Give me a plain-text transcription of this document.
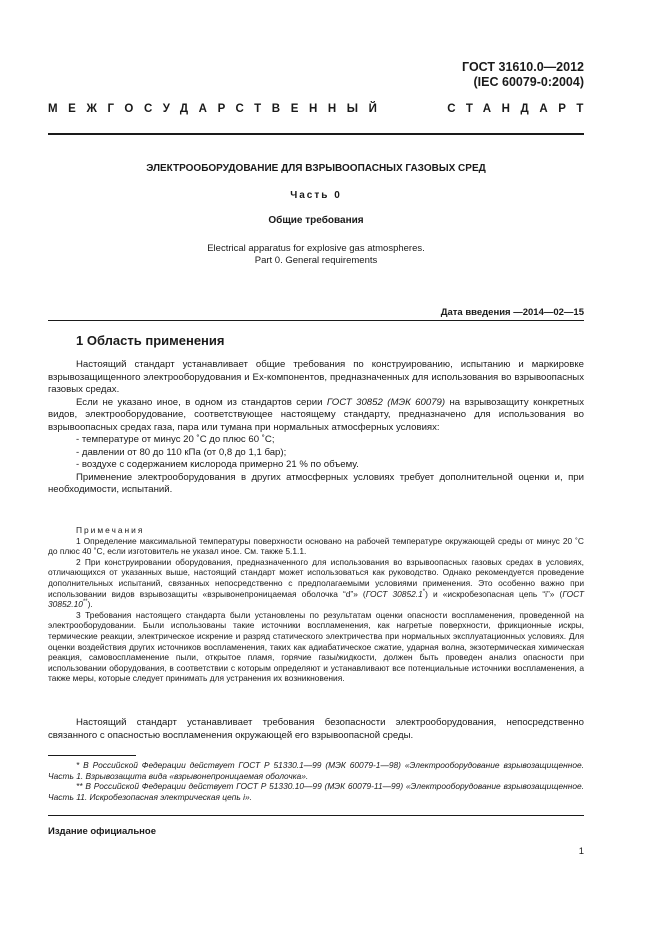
ГОСТ 31610.0—2012
(IEC 60079-0:2004)
МЕЖГОСУДАРСТВЕННЫЙ	СТАНДАРТ
ЭЛЕКТРООБОРУДОВАНИЕ ДЛЯ ВЗРЫВООПАСНЫХ ГАЗОВЫХ СРЕД
Часть 0
Общие требования
Electrical apparatus for explosive gas atmospheres.
Part 0. General requirements
Дата введения —2014—02—15
1 Область применения

Настоящий стандарт устанавливает общие требования по конструированию, испытанию и маркировке взрывозащищенного электрооборудования и Ex-компонентов, предназначенных для использования во взрывоопасных газовых средах.

Если не указано иное, в одном из стандартов серии ГОСТ 30852 (МЭК 60079) на взрывозащиту конкретных видов, электрооборудование, соответствующее настоящему стандарту, предназначено для использования во взрывоопасных средах газа, пара или тумана при нормальных атмосферных условиях:

- температуре от минус 20 ˚С до плюс 60 ˚С;

- давлении от 80 до 110 кПа (от 0,8 до 1,1 бар);

- воздухе с содержанием кислорода примерно 21 % по объему.

Применение электрооборудования в других атмосферных условиях требует дополнительной оценки и, при необходимости, испытаний.

Примечания

1 Определение максимальной температуры поверхности основано на рабочей температуре окружающей среды от минус 20 ˚С до плюс 40 ˚С, если изготовитель не указал иное. См. также 5.1.1.

2 При конструировании оборудования, предназначенного для использования во взрывоопасных газовых средах в условиях, отличающихся от указанных выше, настоящий стандарт может использоваться как руководство. Однако рекомендуется проведение дополнительных испытаний, связанных непосредственно с предполагаемыми условиями применения. Это особенно важно при использовании видов взрывозащиты «взрывонепроницаемая оболочка “d”» (ГОСТ 30852.1*) и «искробезопасная цепь “i”» (ГОСТ 30852.10**).

3 Требования настоящего стандарта были установлены по результатам оценки опасности воспламенения, проведенной на электрооборудовании. Были использованы такие источники воспламенения, как нагретые поверхности, фрикционные искры, термические реакции, электрическое искрение и разряд статического электричества при нормальных эксплуатационных условиях. Для оценки воздействия других источников воспламенения, таких как адиабатическое сжатие, ударная волна, экзотермическая химическая реакция, самовоспламенение пыли, открытое пламя, горячие газы/жидкости, должен быть проведен анализ опасности при использовании оборудования, в соответствии с которым определяют и устанавливают все потенциальные источники воспламенения, а также меры, которые следует принимать для устранения их возникновения.

Настоящий стандарт устанавливает требования безопасности электрооборудования, непосредственно связанного с опасностью воспламенения окружающей его взрывоопасной среды.

* В Российской Федерации действует ГОСТ Р 51330.1—99 (МЭК 60079-1—98) «Электрооборудование взрывозащищенное. Часть 1. Взрывозащита вида «взрывонепроницаемая оболочка».

** В Российской Федерации действует ГОСТ Р 51330.10—99 (МЭК 60079-11—99) «Электрооборудование взрывозащищенное. Часть 11. Искробезопасная электрическая цепь i».

Издание официальное
1
